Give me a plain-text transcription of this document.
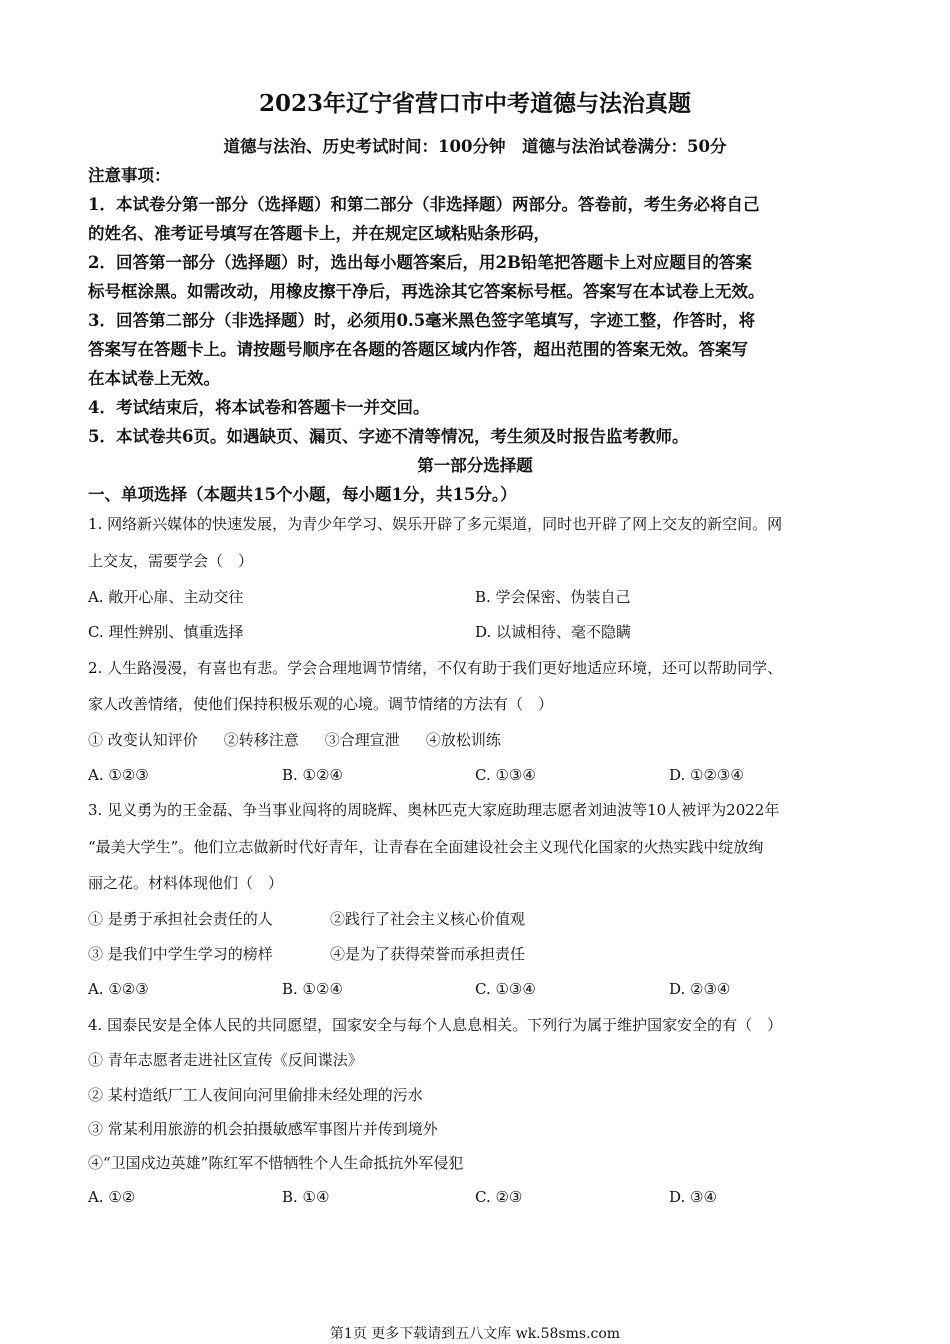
2023年辽宁省营口市中考道德与法治真题
道德与法治、历史考试时间：100分钟　道德与法治试卷满分：50分
注意事项：
1．本试卷分第一部分（选择题）和第二部分（非选择题）两部分。答卷前，考生务必将自己
的姓名、准考证号填写在答题卡上，并在规定区域粘贴条形码，
2．回答第一部分（选择题）时，选出每小题答案后，用2B铅笔把答题卡上对应题目的答案
标号框涂黑。如需改动，用橡皮擦干净后，再选涂其它答案标号框。答案写在本试卷上无效。
3．回答第二部分（非选择题）时，必须用0.5毫米黑色签字笔填写，字迹工整，作答时，将
答案写在答题卡上。请按题号顺序在各题的答题区域内作答，超出范围的答案无效。答案写
在本试卷上无效。
4．考试结束后，将本试卷和答题卡一并交回。
5．本试卷共6页。如遇缺页、漏页、字迹不清等情况，考生须及时报告监考教师。
第一部分选择题
一、单项选择（本题共15个小题，每小题1分，共15分。）
1. 网络新兴媒体的快速发展，为青少年学习、娱乐开辟了多元渠道，同时也开辟了网上交友的新空间。网
上交友，需要学会（　）
A. 敞开心扉、主动交往	B. 学会保密、伪装自己
C. 理性辨别、慎重选择	D. 以诚相待、毫不隐瞒
2. 人生路漫漫，有喜也有悲。学会合理地调节情绪，不仅有助于我们更好地适应环境，还可以帮助同学、
家人改善情绪，使他们保持积极乐观的心境。调节情绪的方法有（　）
① 改变认知评价 ②转移注意 ③合理宣泄 ④放松训练
A. ①②③	B. ①②④	C. ①③④	D. ①②③④
3. 见义勇为的王金磊、争当事业闯将的周晓辉、奥林匹克大家庭助理志愿者刘迪波等10人被评为2022年
“最美大学生”。他们立志做新时代好青年，让青春在全面建设社会主义现代化国家的火热实践中绽放绚
丽之花。材料体现他们（　）
① 是勇于承担社会责任的人	②践行了社会主义核心价值观
③ 是我们中学生学习的榜样	④是为了获得荣誉而承担责任
A. ①②③	B. ①②④	C. ①③④	D. ②③④
4. 国泰民安是全体人民的共同愿望，国家安全与每个人息息相关。下列行为属于维护国家安全的有（　）
① 青年志愿者走进社区宣传《反间谍法》
② 某村造纸厂工人夜间向河里偷排未经处理的污水
③ 常某利用旅游的机会拍摄敏感军事图片并传到境外
④“卫国戍边英雄”陈红军不惜牺牲个人生命抵抗外军侵犯
A. ①②	B. ①④	C. ②③	D. ③④
第1页 更多下载请到五八文库 wk.58sms.com
